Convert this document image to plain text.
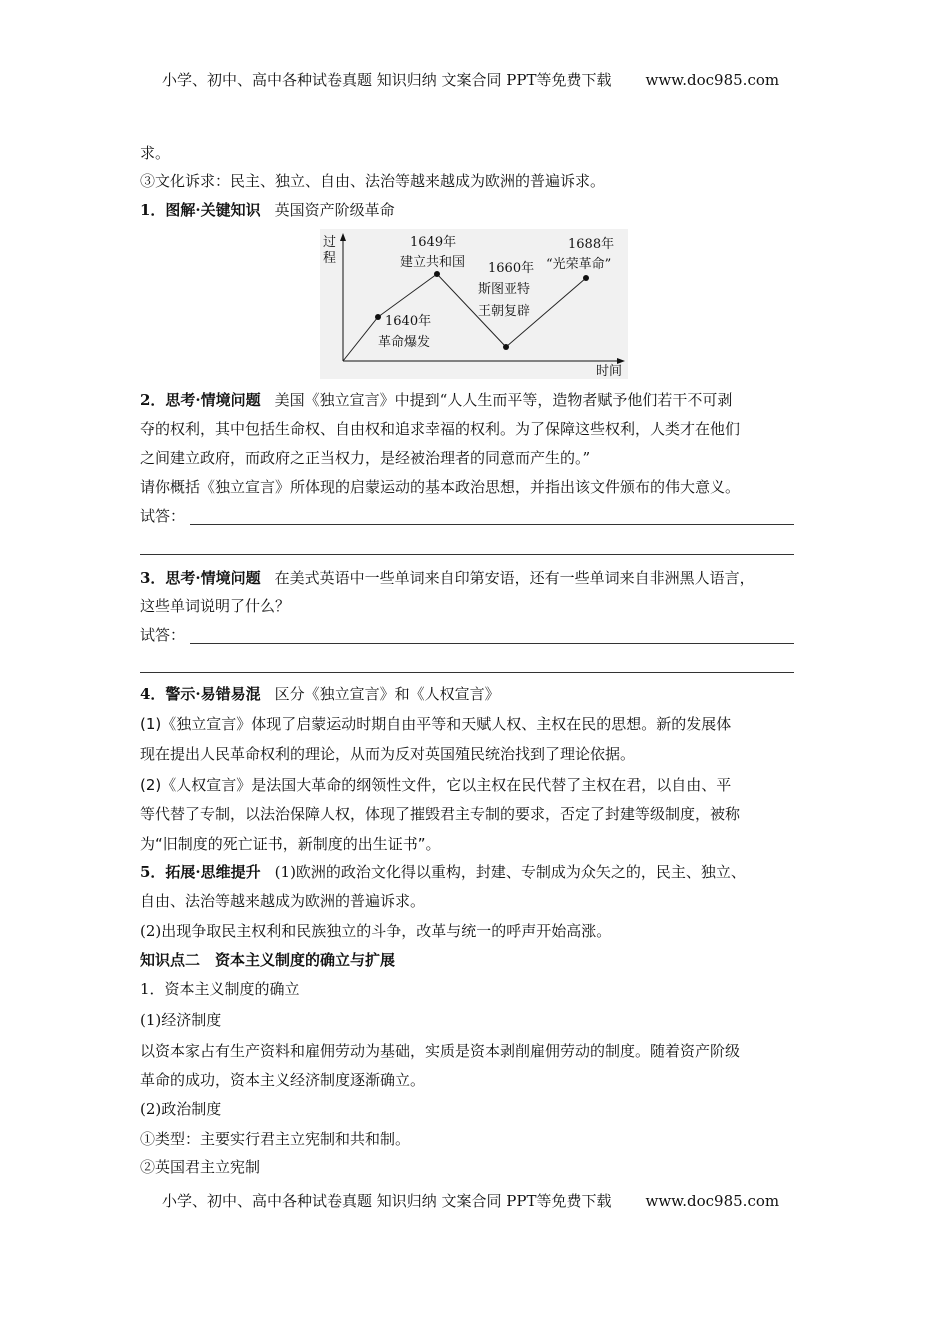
小学、初中、高中各种试卷真题 知识归纳 文案合同 PPT等免费下载 www.doc985.com
求。
③文化诉求：民主、独立、自由、法治等越来越成为欧洲的普遍诉求。
1．图解·关键知识 英国资产阶级革命
过
程
时间
1640年
革命爆发
1649年
建立共和国 1660年
斯图亚特
王朝复辟
1688年
“光荣革命”
2．思考·情境问题 美国《独立宣言》中提到“人人生而平等，造物者赋予他们若干不可剥
夺的权利，其中包括生命权、自由权和追求幸福的权利。为了保障这些权利，人类才在他们
之间建立政府，而政府之正当权力，是经被治理者的同意而产生的。”
请你概括《独立宣言》所体现的启蒙运动的基本政治思想，并指出该文件颁布的伟大意义。
试答：
3．思考·情境问题 在美式英语中一些单词来自印第安语，还有一些单词来自非洲黑人语言，
这些单词说明了什么？
试答：
4．警示·易错易混 区分《独立宣言》和《人权宣言》
(1)《独立宣言》体现了启蒙运动时期自由平等和天赋人权、主权在民的思想。新的发展体
现在提出人民革命权利的理论，从而为反对英国殖民统治找到了理论依据。
(2)《人权宣言》是法国大革命的纲领性文件，它以主权在民代替了主权在君，以自由、平
等代替了专制，以法治保障人权，体现了摧毁君主专制的要求，否定了封建等级制度，被称
为“旧制度的死亡证书，新制度的出生证书”。
5．拓展·思维提升 (1)欧洲的政治文化得以重构，封建、专制成为众矢之的，民主、独立、
自由、法治等越来越成为欧洲的普遍诉求。
(2)出现争取民主权利和民族独立的斗争，改革与统一的呼声开始高涨。
知识点二　资本主义制度的确立与扩展
1．资本主义制度的确立
(1)经济制度
以资本家占有生产资料和雇佣劳动为基础，实质是资本剥削雇佣劳动的制度。随着资产阶级
革命的成功，资本主义经济制度逐渐确立。
(2)政治制度
①类型：主要实行君主立宪制和共和制。
②英国君主立宪制
小学、初中、高中各种试卷真题 知识归纳 文案合同 PPT等免费下载 www.doc985.com
